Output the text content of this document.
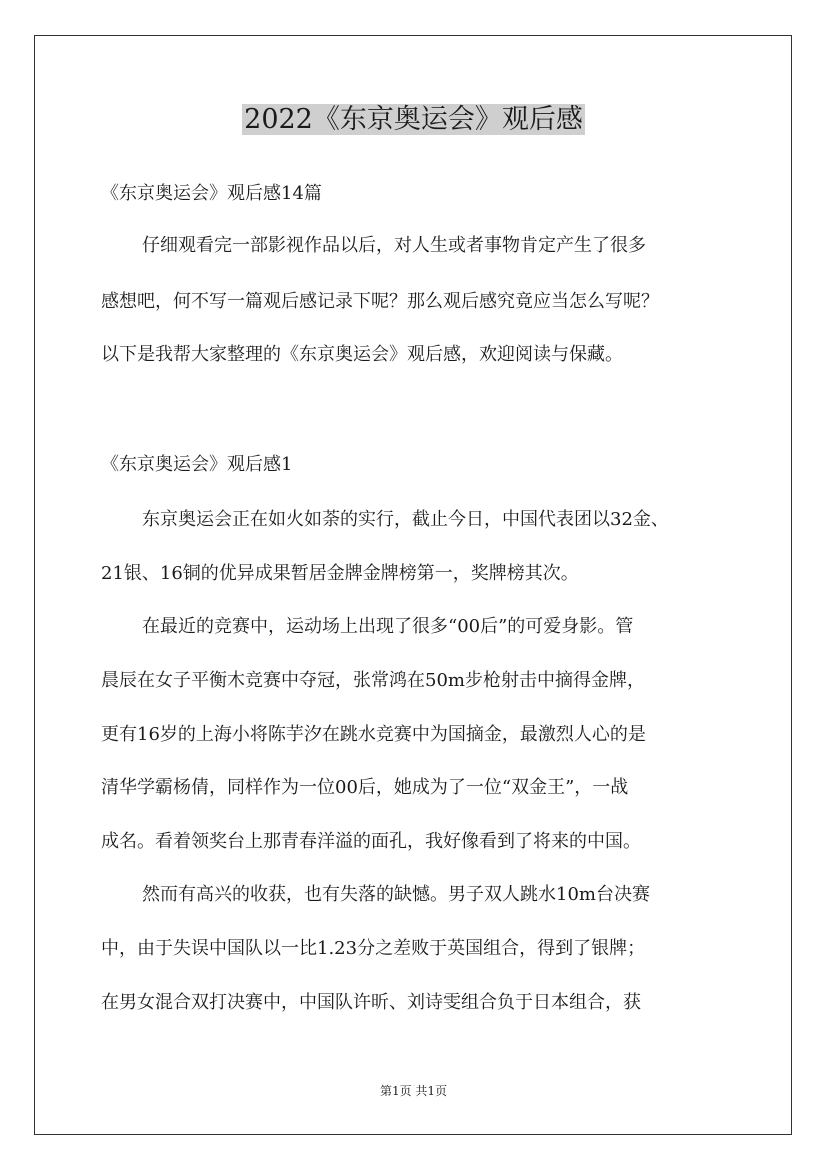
2022《东京奥运会》观后感

《东京奥运会》观后感14篇

仔细观看完一部影视作品以后，对人生或者事物肯定产生了很多

感想吧，何不写一篇观后感记录下呢？那么观后感究竟应当怎么写呢？

以下是我帮大家整理的《东京奥运会》观后感，欢迎阅读与保藏。

《东京奥运会》观后感1

东京奥运会正在如火如荼的实行，截止今日，中国代表团以32金、

21银、16铜的优异成果暂居金牌金牌榜第一，奖牌榜其次。

在最近的竞赛中，运动场上出现了很多“00后”的可爱身影。管

晨辰在女子平衡木竞赛中夺冠，张常鸿在50m步枪射击中摘得金牌，

更有16岁的上海小将陈芋汐在跳水竞赛中为国摘金，最激烈人心的是

清华学霸杨倩，同样作为一位00后，她成为了一位“双金王”，一战

成名。看着领奖台上那青春洋溢的面孔，我好像看到了将来的中国。

然而有高兴的收获，也有失落的缺憾。男子双人跳水10m台决赛

中，由于失误中国队以一比1.23分之差败于英国组合，得到了银牌；

在男女混合双打决赛中，中国队许昕、刘诗雯组合负于日本组合，获

第1页 共1页
